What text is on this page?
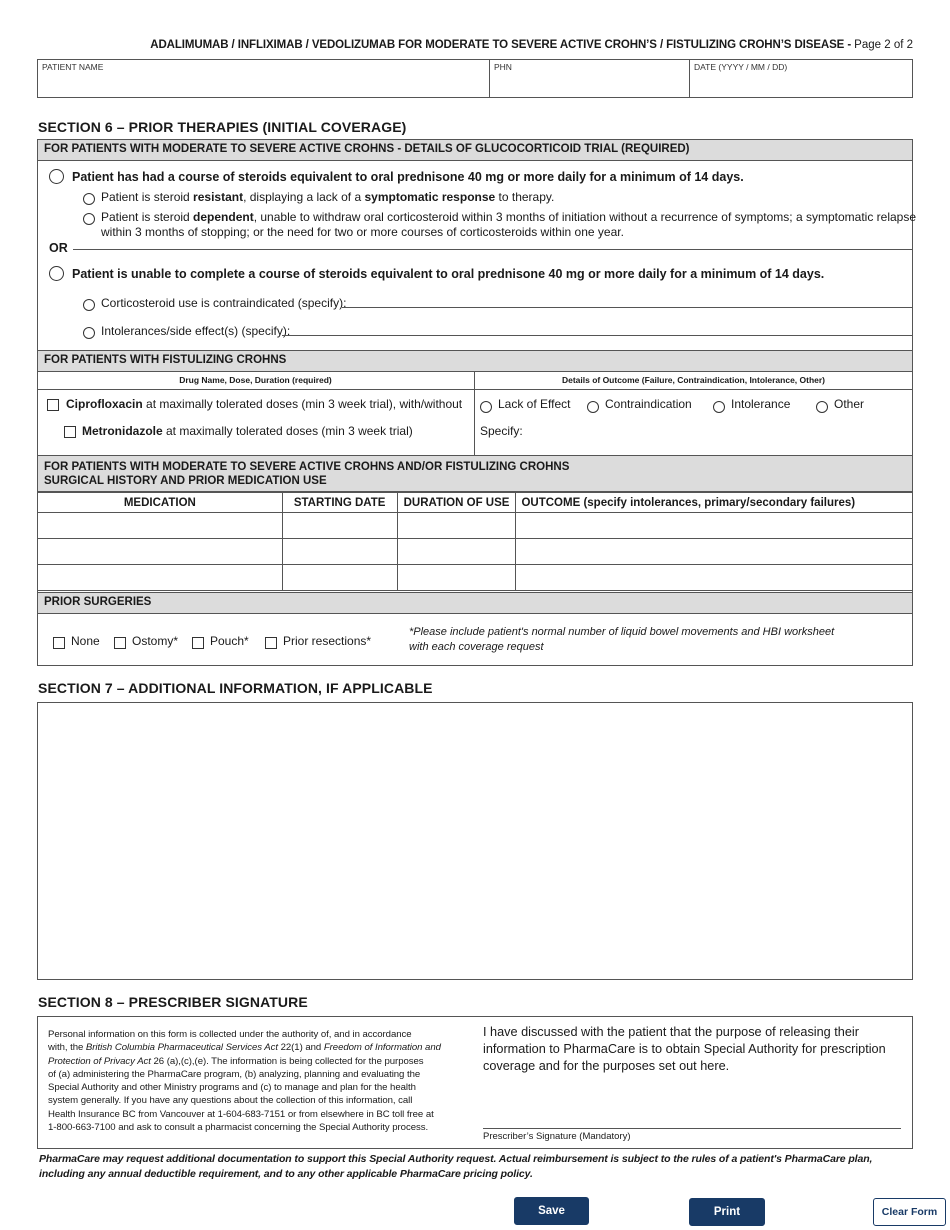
ADALIMUMAB / INFLIXIMAB / VEDOLIZUMAB FOR MODERATE TO SEVERE ACTIVE CROHN’S / FISTULIZING CROHN’S DISEASE - Page 2 of 2
PATIENT NAME	PHN	DATE (YYYY / MM / DD)
SECTION 6 – PRIOR THERAPIES (INITIAL COVERAGE)
FOR PATIENTS WITH MODERATE TO SEVERE ACTIVE CROHNS - DETAILS OF GLUCOCORTICOID TRIAL (REQUIRED)
Patient has had a course of steroids equivalent to oral prednisone 40 mg or more daily for a minimum of 14 days.
Patient is steroid resistant, displaying a lack of a symptomatic response to therapy.
Patient is steroid dependent, unable to withdraw oral corticosteroid within 3 months of initiation without a recurrence of symptoms; a symptomatic relapse
within 3 months of stopping; or the need for two or more courses of corticosteroids within one year.
OR
Patient is unable to complete a course of steroids equivalent to oral prednisone 40 mg or more daily for a minimum of 14 days.
Corticosteroid use is contraindicated (specify):
Intolerances/side effect(s) (specify):
FOR PATIENTS WITH FISTULIZING CROHNS
Drug Name, Dose, Duration (required)	Details of Outcome (Failure, Contraindication, Intolerance, Other)
Ciprofloxacin at maximally tolerated doses (min 3 week trial), with/without
Metronidazole at maximally tolerated doses (min 3 week trial)
Lack of Effect	Contraindication	Intolerance	Other
Specify:
FOR PATIENTS WITH MODERATE TO SEVERE ACTIVE CROHNS AND/OR FISTULIZING CROHNS
SURGICAL HISTORY AND PRIOR MEDICATION USE
MEDICATION	STARTING DATE	DURATION OF USE	OUTCOME (specify intolerances, primary/secondary failures)

PRIOR SURGERIES
None	Ostomy*	Pouch*	Prior resections*
*Please include patient's normal number of liquid bowel movements and HBI worksheet
with each coverage request
SECTION 7 – ADDITIONAL INFORMATION, IF APPLICABLE
SECTION 8 – PRESCRIBER SIGNATURE
Personal information on this form is collected under the authority of, and in accordance
with, the British Columbia Pharmaceutical Services Act 22(1) and Freedom of Information and
Protection of Privacy Act 26 (a),(c),(e). The information is being collected for the purposes
of (a) administering the PharmaCare program, (b) analyzing, planning and evaluating the
Special Authority and other Ministry programs and (c) to manage and plan for the health
system generally. If you have any questions about the collection of this information, call
Health Insurance BC from Vancouver at 1-604-683-7151 or from elsewhere in BC toll free at
1-800-663-7100 and ask to consult a pharmacist concerning the Special Authority process.
I have discussed with the patient that the purpose of releasing their
information to PharmaCare is to obtain Special Authority for prescription
coverage and for the purposes set out here.
Prescriber’s Signature (Mandatory)
PharmaCare may request additional documentation to support this Special Authority request. Actual reimbursement is subject to the rules of a patient's PharmaCare plan,
including any annual deductible requirement, and to any other applicable PharmaCare pricing policy.
Save	Print	Clear Form
